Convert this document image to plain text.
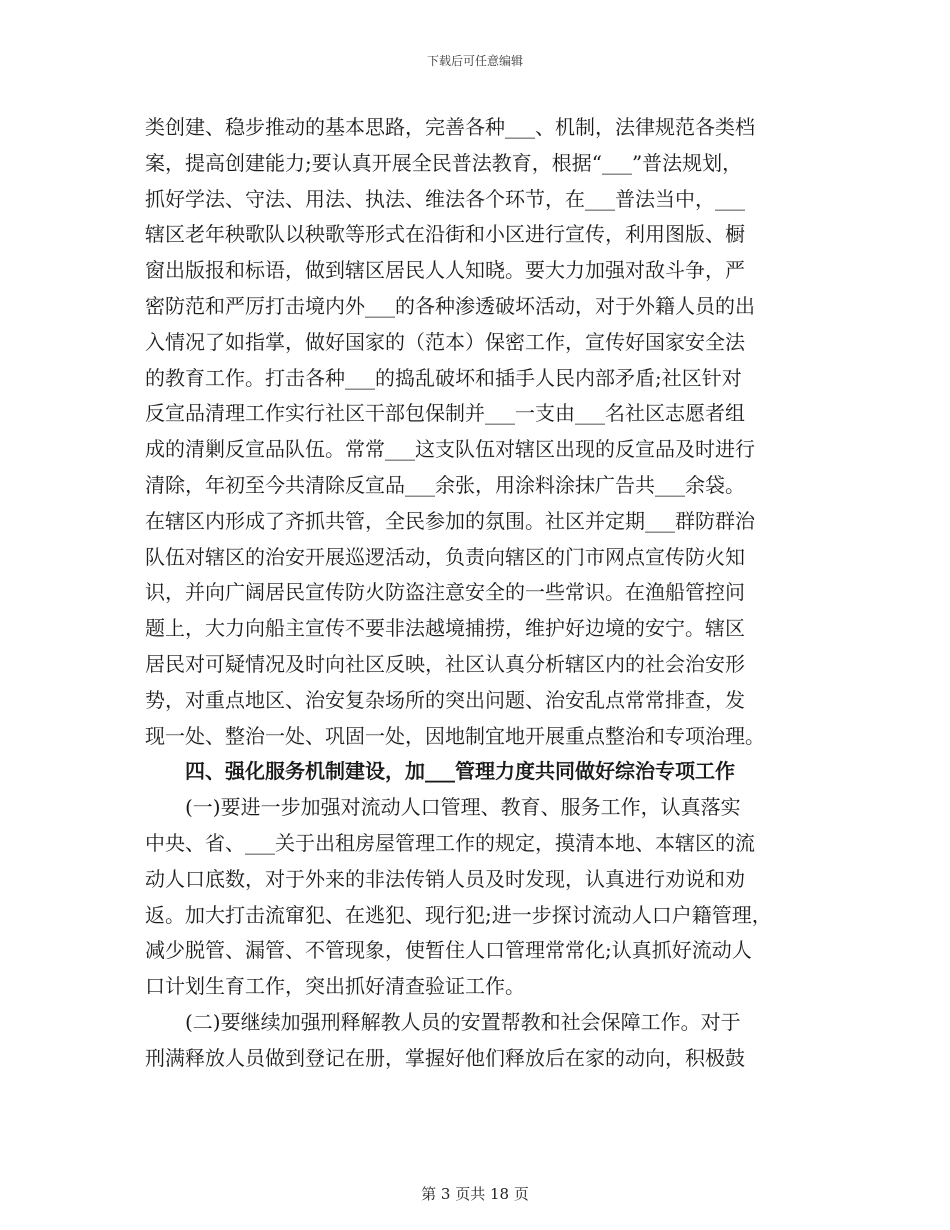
下载后可任意编辑
类创建、稳步推动的基本思路，完善各种___、机制，法律规范各类档
案，提高创建能力;要认真开展全民普法教育，根据“___”普法规划，
抓好学法、守法、用法、执法、维法各个环节，在___普法当中，___
辖区老年秧歌队以秧歌等形式在沿街和小区进行宣传，利用图版、橱
窗出版报和标语，做到辖区居民人人知晓。要大力加强对敌斗争，严
密防范和严厉打击境内外___的各种渗透破坏活动，对于外籍人员的出
入情况了如指掌，做好国家的（范本）保密工作，宣传好国家安全法
的教育工作。打击各种___的捣乱破坏和插手人民内部矛盾;社区针对
反宣品清理工作实行社区干部包保制并___一支由___名社区志愿者组
成的清剿反宣品队伍。常常___这支队伍对辖区出现的反宣品及时进行
清除，年初至今共清除反宣品___余张，用涂料涂抹广告共___余袋。
在辖区内形成了齐抓共管，全民参加的氛围。社区并定期___群防群治
队伍对辖区的治安开展巡逻活动，负责向辖区的门市网点宣传防火知
识，并向广阔居民宣传防火防盗注意安全的一些常识。在渔船管控问
题上，大力向船主宣传不要非法越境捕捞，维护好边境的安宁。辖区
居民对可疑情况及时向社区反映，社区认真分析辖区内的社会治安形
势，对重点地区、治安复杂场所的突出问题、治安乱点常常排查，发
现一处、整治一处、巩固一处，因地制宜地开展重点整治和专项治理。
　　四、强化服务机制建设，加___管理力度共同做好综治专项工作
　　(一)要进一步加强对流动人口管理、教育、服务工作，认真落实
中央、省、___关于出租房屋管理工作的规定，摸清本地、本辖区的流
动人口底数，对于外来的非法传销人员及时发现，认真进行劝说和劝
返。加大打击流窜犯、在逃犯、现行犯;进一步探讨流动人口户籍管理，
减少脱管、漏管、不管现象，使暂住人口管理常常化;认真抓好流动人
口计划生育工作，突出抓好清查验证工作。
　　(二)要继续加强刑释解教人员的安置帮教和社会保障工作。对于
刑满释放人员做到登记在册，掌握好他们释放后在家的动向，积极鼓
第 3 页共 18 页
